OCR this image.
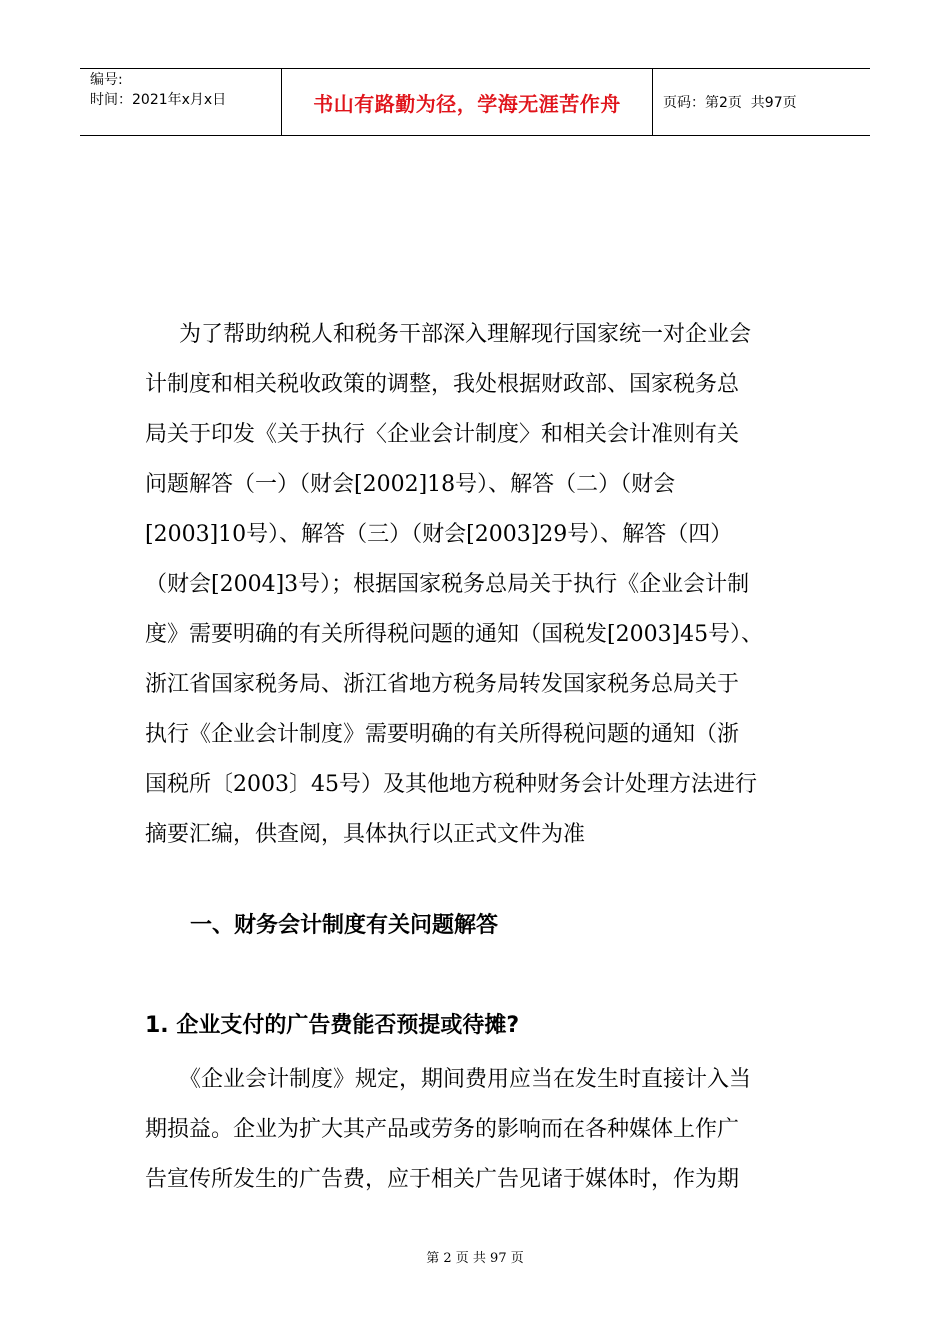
编号:
时间：2021年x月x日	书山有路勤为径，学海无涯苦作舟	页码：第2页  共97页

为了帮助纳税人和税务干部深入理解现行国家统一对企业会
计制度和相关税收政策的调整，我处根据财政部、国家税务总
局关于印发《关于执行〈企业会计制度〉和相关会计准则有关
问题解答（一）（财会[2002]18号）、解答（二）（财会
[2003]10号）、解答（三）（财会[2003]29号）、解答（四）
（财会[2004]3号）；根据国家税务总局关于执行《企业会计制
度》需要明确的有关所得税问题的通知（国税发[2003]45号）、
浙江省国家税务局、浙江省地方税务局转发国家税务总局关于
执行《企业会计制度》需要明确的有关所得税问题的通知（浙
国税所〔2003〕45号）及其他地方税种财务会计处理方法进行
摘要汇编，供查阅，具体执行以正式文件为准

一、财务会计制度有关问题解答
1. 企业支付的广告费能否预提或待摊?

《企业会计制度》规定，期间费用应当在发生时直接计入当
期损益。企业为扩大其产品或劳务的影响而在各种媒体上作广
告宣传所发生的广告费，应于相关广告见诸于媒体时，作为期

第 2 页 共 97 页
